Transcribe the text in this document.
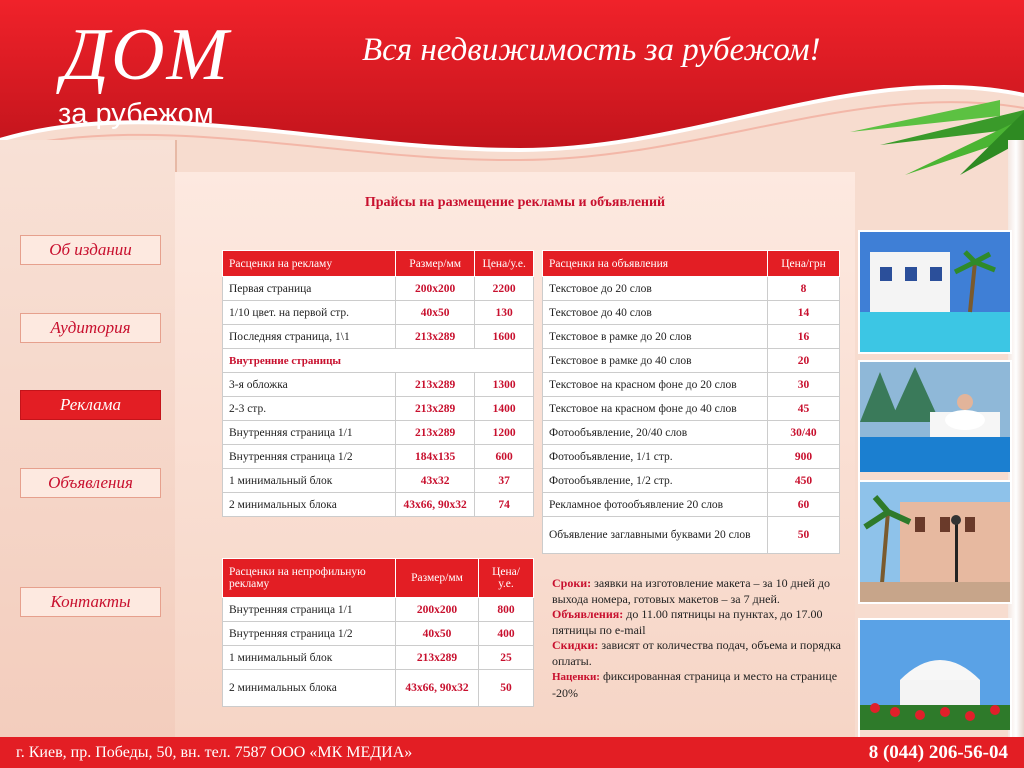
ДОМ
за рубежом
Вся недвижимость за рубежом!
Об издании
Аудитория
Реклама
Объявления
Контакты
Прайсы на размещение рекламы и объявлений
Расценки на рекламу	Размер/мм	Цена/у.е.
Первая страница	200x200	2200
1/10 цвет. на первой стр.	40x50	130
Последняя страница, 1\1	213x289	1600
Внутренние страницы		
3-я обложка	213x289	1300
2-3 стр.	213x289	1400
Внутренняя страница 1/1	213x289	1200
Внутренняя страница 1/2	184x135	600
1 минимальный блок	43x32	37
2 минимальных блока	43x66, 90x32	74
Расценки на непрофильную рекламу	Размер/мм	Цена/у.е.
Внутренняя страница 1/1	200x200	800
Внутренняя страница 1/2	40x50	400
1 минимальный блок	213x289	25
2 минимальных блока	43x66, 90x32	50
Расценки на объявления	Цена/грн
Текстовое до 20 слов	8
Текстовое до 40 слов	14
Текстовое в рамке до 20 слов	16
Текстовое в рамке до 40 слов	20
Текстовое на красном фоне до 20 слов	30
Текстовое на красном фоне до 40 слов	45
Фотообъявление, 20/40 слов	30/40
Фотообъявление, 1/1 стр.	900
Фотообъявление, 1/2 стр.	450
Рекламное фотообъявление 20 слов	60
Объявление заглавными буквами 20 слов	50
Сроки: заявки на изготовление макета – за 10 дней до выхода номера, готовых макетов – за 7 дней.
Объявления: до 11.00 пятницы на пунктах, до 17.00 пятницы по e-mail
Скидки: зависят от количества подач, объема и порядка оплаты.
Наценки: фиксированная страница и место на странице -20%
г. Киев, пр. Победы, 50, вн. тел. 7587 ООО «МК МЕДИА»	8 (044) 206-56-04
